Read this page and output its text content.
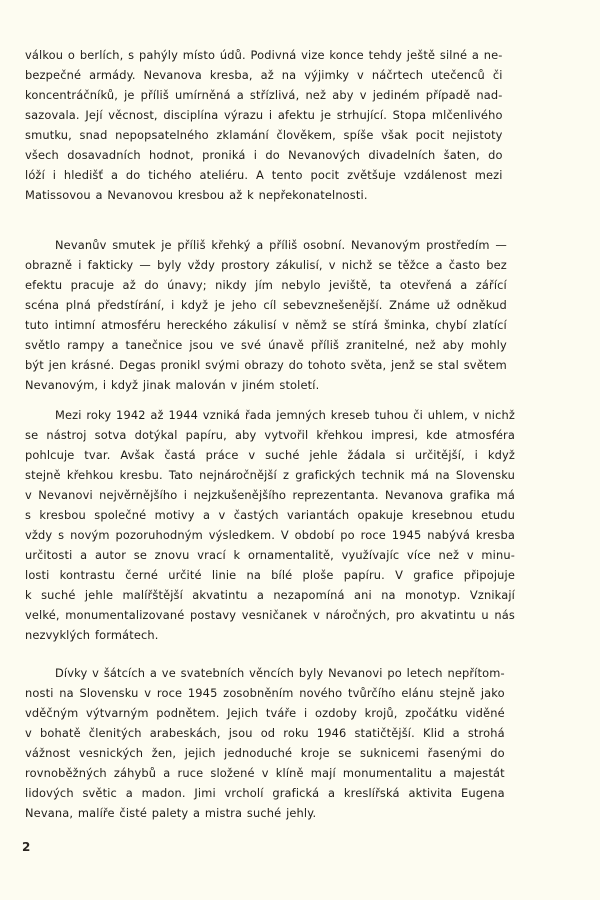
válkou o berlích, s pahýly místo údů. Podivná vize konce tehdy ještě silné a ne-
bezpečné armády. Nevanova kresba, až na výjimky v náčrtech utečenců či
koncentráčníků, je příliš umírněná a střízlivá, než aby v jediném případě nad-
sazovala. Její věcnost, disciplína výrazu i afektu je strhující. Stopa mlčenlivého
smutku, snad nepopsatelného zklamání člověkem, spíše však pocit nejistoty
všech dosavadních hodnot, proniká i do Nevanových divadelních šaten, do
lóží i hledišť a do tichého ateliéru. A tento pocit zvětšuje vzdálenost mezi
Matissovou a Nevanovou kresbou až k nepřekonatelnosti.

Nevanův smutek je příliš křehký a příliš osobní. Nevanovým prostředím —
obrazně i fakticky — byly vždy prostory zákulisí, v nichž se těžce a často bez
efektu pracuje až do únavy; nikdy jím nebylo jeviště, ta otevřená a zářící
scéna plná předstírání, i když je jeho cíl sebevznešenější. Známe už odněkud
tuto intimní atmosféru hereckého zákulisí v němž se stírá šminka, chybí zlatící
světlo rampy a tanečnice jsou ve své únavě příliš zranitelné, než aby mohly
být jen krásné. Degas pronikl svými obrazy do tohoto světa, jenž se stal světem
Nevanovým, i když jinak malován v jiném století.

Mezi roky 1942 až 1944 vzniká řada jemných kreseb tuhou či uhlem, v nichž
se nástroj sotva dotýkal papíru, aby vytvořil křehkou impresi, kde atmosféra
pohlcuje tvar. Avšak častá práce v suché jehle žádala si určitější, i když
stejně křehkou kresbu. Tato nejnáročnější z grafických technik má na Slovensku
v Nevanovi nejvěrnějšího i nejzkušenějšího reprezentanta. Nevanova grafika má
s kresbou společné motivy a v častých variantách opakuje kresebnou etudu
vždy s novým pozoruhodným výsledkem. V období po roce 1945 nabývá kresba
určitosti a autor se znovu vrací k ornamentalitě, využívajíc více než v minu-
losti kontrastu černé určité linie na bílé ploše papíru. V grafice připojuje
k suché jehle malířštější akvatintu a nezapomíná ani na monotyp. Vznikají
velké, monumentalizované postavy vesničanek v náročných, pro akvatintu u nás
nezvyklých formátech.

Dívky v šátcích a ve svatebních věncích byly Nevanovi po letech nepřítom-
nosti na Slovensku v roce 1945 zosobněním nového tvůrčího elánu stejně jako
vděčným výtvarným podnětem. Jejich tváře i ozdoby krojů, zpočátku viděné
v bohatě členitých arabeskách, jsou od roku 1946 statičtější. Klid a strohá
vážnost vesnických žen, jejich jednoduché kroje se suknicemi řasenými do
rovnoběžných záhybů a ruce složené v klíně mají monumentalitu a majestát
lidových světic a madon. Jimi vrcholí grafická a kreslířská aktivita Eugena
Nevana, malíře čisté palety a mistra suché jehly.

2
